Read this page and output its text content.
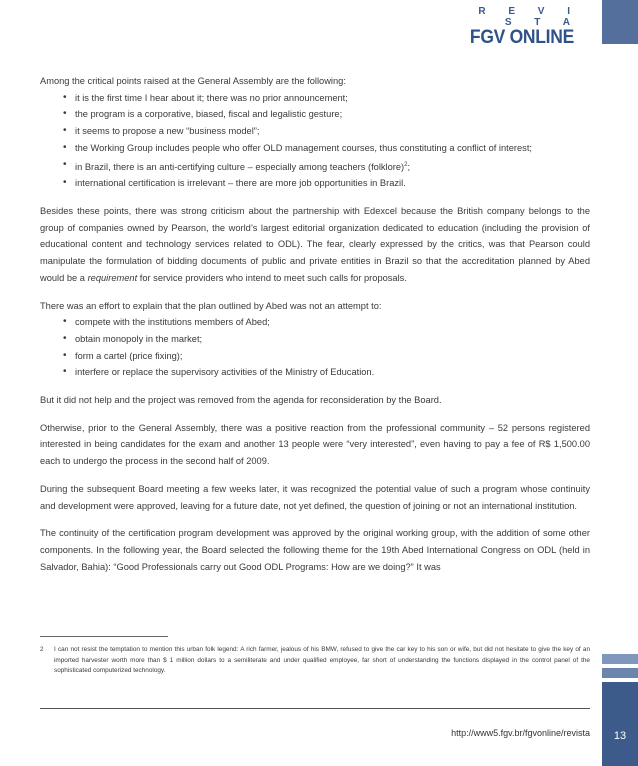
R E V I S T A
FGV ONLINE
13

Among the critical points raised at the General Assembly are the following:

• it is the first time I hear about it; there was no prior announcement;
• the program is a corporative, biased, fiscal and legalistic gesture;
• it seems to propose a new “business model”;
• the Working Group includes people who offer OLD management courses, thus constituting a conflict of interest;
• in Brazil, there is an anti-certifying culture – especially among teachers (folklore)$^2$;
• international certification is irrelevant – there are more job opportunities in Brazil.

Besides these points, there was strong criticism about the partnership with Edexcel because the British company belongs to the group of companies owned by Pearson, the world’s largest editorial organization dedicated to education (including the provision of educational content and technology services related to ODL). The fear, clearly expressed by the critics, was that Pearson could manipulate the formulation of bidding documents of public and private entities in Brazil so that the accreditation planned by Abed would be a requirement for service providers who intend to meet such calls for proposals.

There was an effort to explain that the plan outlined by Abed was not an attempt to:

• compete with the institutions members of Abed;
• obtain monopoly in the market;
• form a cartel (price fixing);
• interfere or replace the supervisory activities of the Ministry of Education.

But it did not help and the project was removed from the agenda for reconsideration by the Board.

Otherwise, prior to the General Assembly, there was a positive reaction from the professional community – 52 persons registered interested in being candidates for the exam and another 13 people were “very interested”, even having to pay a fee of R$ 1,500.00 each to undergo the process in the second half of 2009.

During the subsequent Board meeting a few weeks later, it was recognized the potential value of such a program whose continuity and development were approved, leaving for a future date, not yet defined, the question of joining or not an international institution.

The continuity of the certification program development was approved by the original working group, with the addition of some other components. In the following year, the Board selected the following theme for the 19th Abed International Congress on ODL (held in Salvador, Bahia): “Good Professionals carry out Good ODL Programs: How are we doing?” It was

2 I can not resist the temptation to mention this urban folk legend: A rich farmer, jealous of his BMW, refused to give the car key to his son or wife, but did not hesitate to give the key of an imported harvester worth more than $ 1 million dollars to a semiliterate and under qualified employee, far short of understanding the functions displayed in the control panel of the sophisticated computerized technology.
http://www5.fgv.br/fgvonline/revista
